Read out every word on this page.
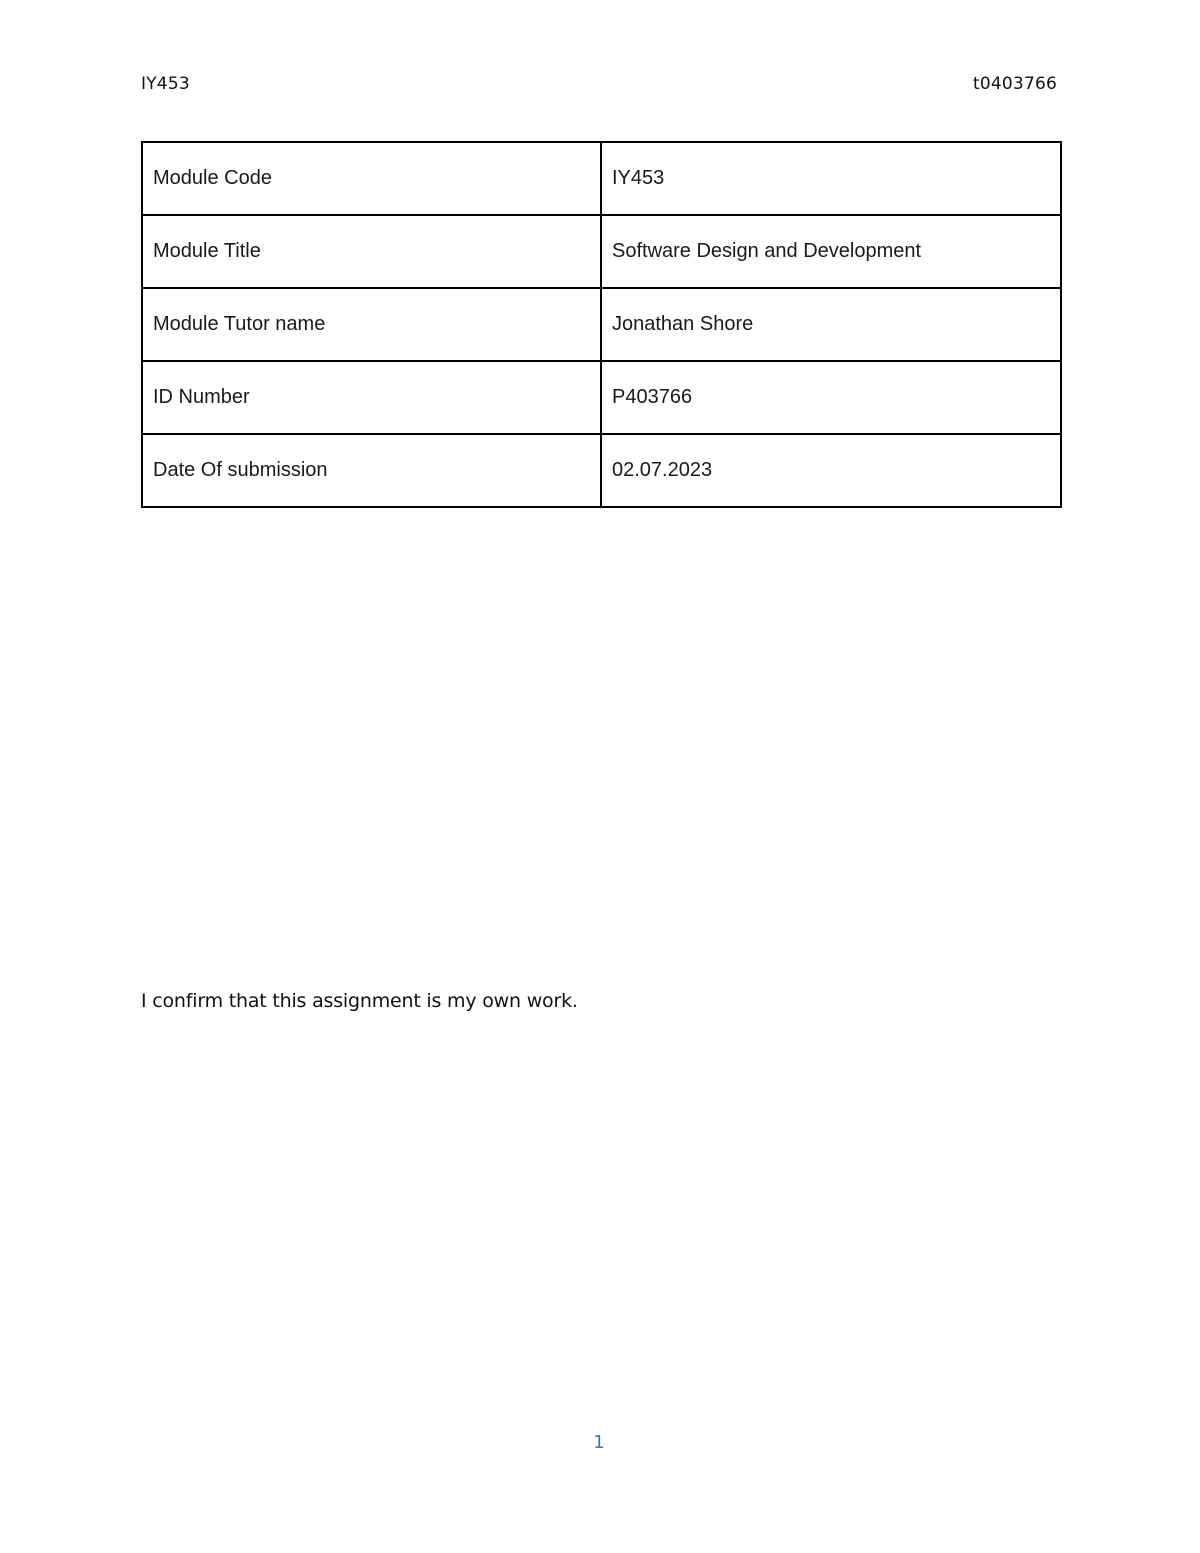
IY453	t0403766
Module Code	IY453
Module Title	Software Design and Development
Module Tutor name	Jonathan Shore
ID Number	P403766
Date Of submission	02.07.2023
I confirm that this assignment is my own work.
1
